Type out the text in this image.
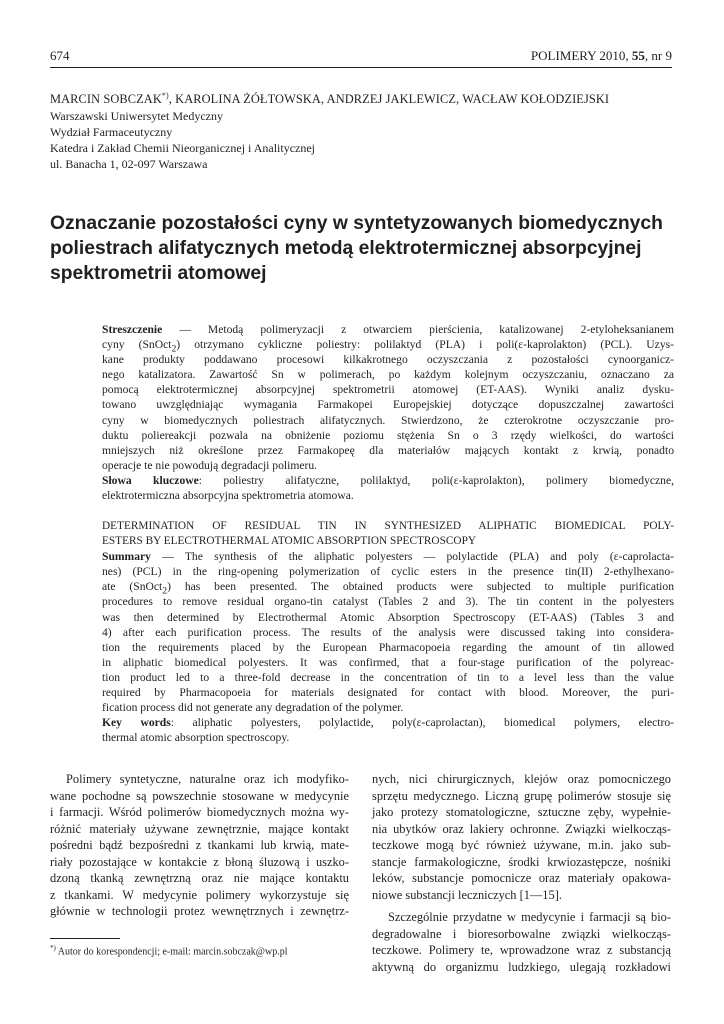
674	POLIMERY 2010, 55, nr 9
MARCIN SOBCZAK*), KAROLINA ŻÓŁTOWSKA, ANDRZEJ JAKLEWICZ, WACŁAW KOŁODZIEJSKI
Warszawski Uniwersytet Medyczny
Wydział Farmaceutyczny
Katedra i Zakład Chemii Nieorganicznej i Analitycznej
ul. Banacha 1, 02-097 Warszawa
Oznaczanie pozostałości cyny w syntetyzowanych biomedycznych
poliestrach alifatycznych metodą elektrotermicznej absorpcyjnej
spektrometrii atomowej
Streszczenie — Metodą polimeryzacji z otwarciem pierścienia, katalizowanej 2-etyloheksanianem
cyny (SnOct$_2$) otrzymano cykliczne poliestry: polilaktyd (PLA) i poli(ε-kaprolakton) (PCL). Uzys-
kane produkty poddawano procesowi kilkakrotnego oczyszczania z pozostałości cynoorganicz-
nego katalizatora. Zawartość Sn w polimerach, po każdym kolejnym oczyszczaniu, oznaczano za
pomocą elektrotermicznej absorpcyjnej spektrometrii atomowej (ET-AAS). Wyniki analiz dysku-
towano uwzględniając wymagania Farmakopei Europejskiej dotyczące dopuszczalnej zawartości
cyny w biomedycznych poliestrach alifatycznych. Stwierdzono, że czterokrotne oczyszczanie pro-
duktu poliereakcji pozwala na obniżenie poziomu stężenia Sn o 3 rzędy wielkości, do wartości
mniejszych niż określone przez Farmakopeę dla materiałów mających kontakt z krwią, ponadto
operacje te nie powodują degradacji polimeru.
Słowa kluczowe: poliestry alifatyczne, polilaktyd, poli(ε-kaprolakton), polimery biomedyczne,
elektrotermiczna absorpcyjna spektrometria atomowa.
DETERMINATION OF RESIDUAL TIN IN SYNTHESIZED ALIPHATIC BIOMEDICAL POLY-
ESTERS BY ELECTROTHERMAL ATOMIC ABSORPTION SPECTROSCOPY
Summary — The synthesis of the aliphatic polyesters — polylactide (PLA) and poly (ε-caprolactа-
nes) (PCL) in the ring-opening polymerization of cyclic esters in the presence tin(II) 2-ethylhexano-
ate (SnOct$_2$) has been presented. The obtained products were subjected to multiple purification
procedures to remove residual organo-tin catalyst (Tables 2 and 3). The tin content in the polyesters
was then determined by Electrothermal Atomic Absorption Spectroscopy (ET-AAS) (Tables 3 and
4) after each purification process. The results of the analysis were discussed taking into considera-
tion the requirements placed by the European Pharmacopoeia regarding the amount of tin allowed
in aliphatic biomedical polyesters. It was confirmed, that a four-stage purification of the polyreac-
tion product led to a three-fold decrease in the concentration of tin to a level less than the value
required by Pharmacopoeia for materials designated for contact with blood. Moreover, the puri-
fication process did not generate any degradation of the polymer.
Key words: aliphatic polyesters, polylactide, poly(ε-caprolactan), biomedical polymers, electro-
thermal atomic absorption spectroscopy.
Polimery syntetyczne, naturalne oraz ich modyfiko-
wane pochodne są powszechnie stosowane w medycynie
i farmacji. Wśród polimerów biomedycznych można wy-
różnić materiały używane zewnętrznie, mające kontakt
pośredni bądź bezpośredni z tkankami lub krwią, mate-
riały pozostające w kontakcie z błoną śluzową i uszko-
dzoną tkanką zewnętrzną oraz nie mające kontaktu
z tkankami. W medycynie polimery wykorzystuje się
głównie w technologii protez wewnętrznych i zewnętrz-
nych, nici chirurgicznych, klejów oraz pomocniczego
sprzętu medycznego. Liczną grupę polimerów stosuje się
jako protezy stomatologiczne, sztuczne zęby, wypełnie-
nia ubytków oraz lakiery ochronne. Związki wielkocząs-
teczkowe mogą być również używane, m.in. jako sub-
stancje farmakologiczne, środki krwiozastępcze, nośniki
leków, substancje pomocnicze oraz materiały opakowa-
niowe substancji leczniczych [1—15].
Szczególnie przydatne w medycynie i farmacji są bio-
degradowalne i bioresorbowalne związki wielkocząs-
teczkowe. Polimery te, wprowadzone wraz z substancją
aktywną do organizmu ludzkiego, ulegają rozkładowi
*) Autor do korespondencji; e-mail: marcin.sobczak@wp.pl
